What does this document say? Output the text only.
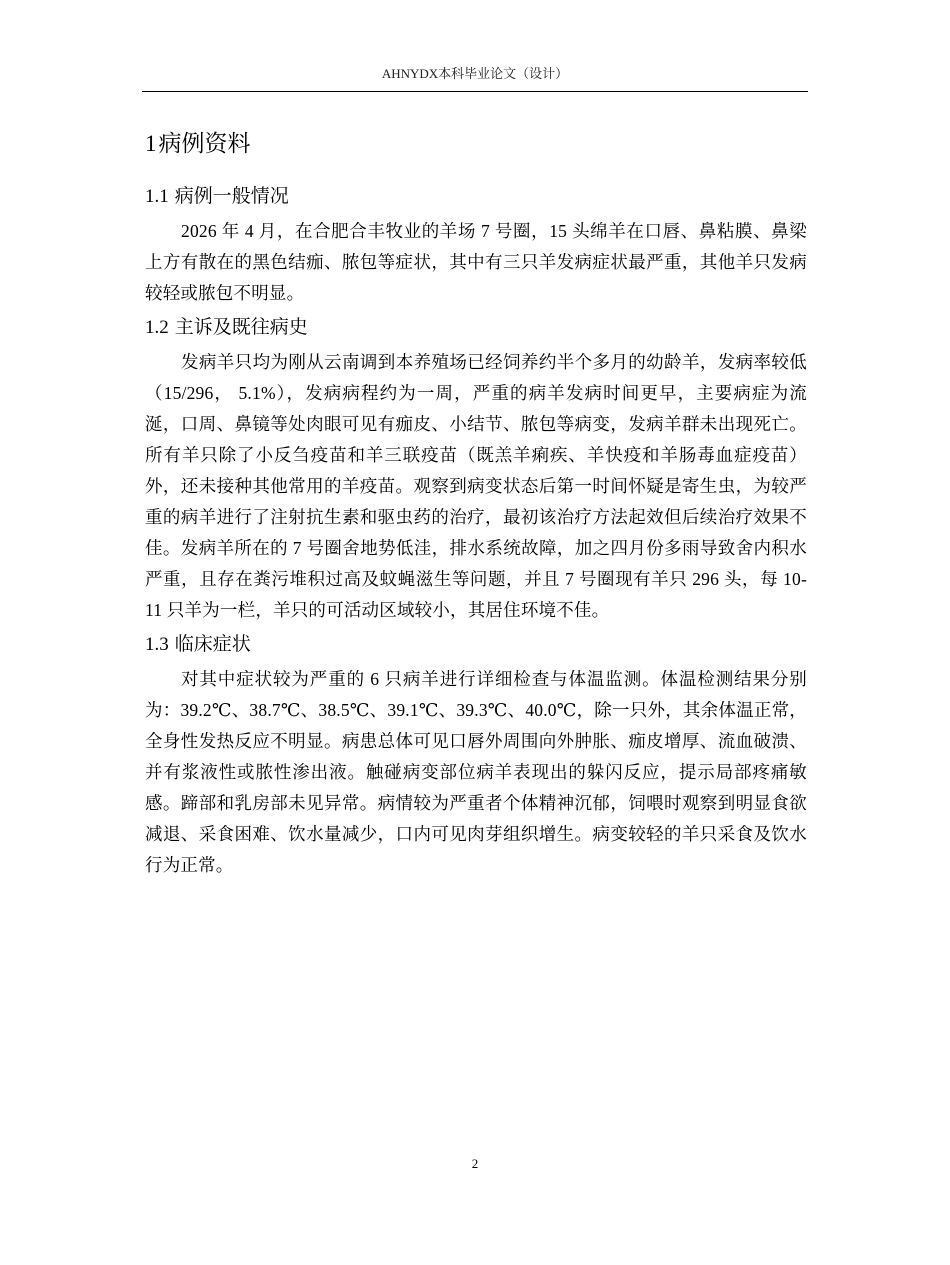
AHNYDX本科毕业论文（设计）
1病例资料
1.1 病例一般情况

2026 年 4 月，在合肥合丰牧业的羊场 7 号圈，15 头绵羊在口唇、鼻粘膜、鼻梁上方有散在的黑色结痂、脓包等症状，其中有三只羊发病症状最严重，其他羊只发病较轻或脓包不明显。

1.2 主诉及既往病史

发病羊只均为刚从云南调到本养殖场已经饲养约半个多月的幼龄羊，发病率较低（15/296， 5.1%），发病病程约为一周，严重的病羊发病时间更早，主要病症为流涎，口周、鼻镜等处肉眼可见有痂皮、小结节、脓包等病变，发病羊群未出现死亡。所有羊只除了小反刍疫苗和羊三联疫苗（既羔羊痢疾、羊快疫和羊肠毒血症疫苗）外，还未接种其他常用的羊疫苗。观察到病变状态后第一时间怀疑是寄生虫，为较严重的病羊进行了注射抗生素和驱虫药的治疗，最初该治疗方法起效但后续治疗效果不佳。发病羊所在的 7 号圈舍地势低洼，排水系统故障，加之四月份多雨导致舍内积水严重，且存在粪污堆积过高及蚊蝇滋生等问题，并且 7 号圈现有羊只 296 头，每 10-11 只羊为一栏，羊只的可活动区域较小，其居住环境不佳。

1.3 临床症状

对其中症状较为严重的 6 只病羊进行详细检查与体温监测。体温检测结果分别为：39.2℃、38.7℃、38.5℃、39.1℃、39.3℃、40.0℃，除一只外，其余体温正常，全身性发热反应不明显。病患总体可见口唇外周围向外肿胀、痂皮增厚、流血破溃、并有浆液性或脓性渗出液。触碰病变部位病羊表现出的躲闪反应，提示局部疼痛敏感。蹄部和乳房部未见异常。病情较为严重者个体精神沉郁，饲喂时观察到明显食欲减退、采食困难、饮水量减少，口内可见肉芽组织增生。病变较轻的羊只采食及饮水行为正常。

2
